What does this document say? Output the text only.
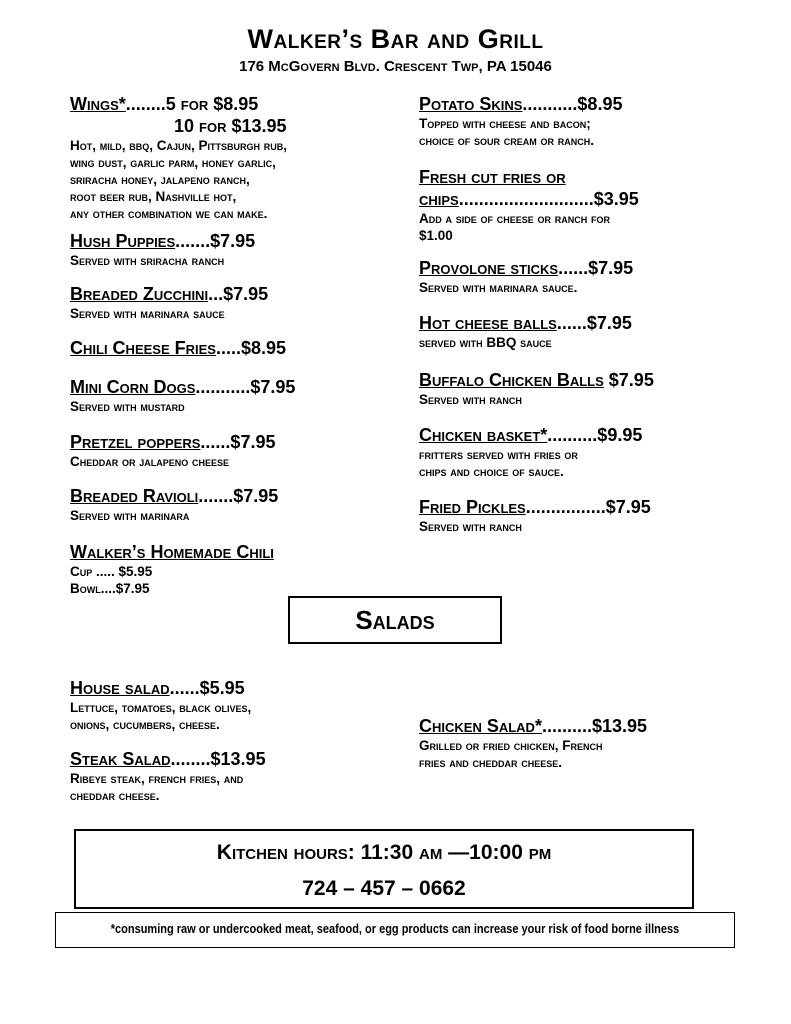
Walker’s Bar and Grill
176 McGovern Blvd. Crescent Twp, PA 15046
Wings*........5 for $8.95
10 for $13.95
Hot, mild, bbq, Cajun, Pittsburgh rub,
wing dust, garlic parm, honey garlic,
sriracha honey, jalapeno ranch,
root beer rub, Nashville hot,
any other combination we can make.
Hush Puppies.......$7.95
Served with sriracha ranch
Breaded Zucchini...$7.95
Served with marinara sauce
Chili Cheese Fries.....$8.95
Mini Corn Dogs...........$7.95
Served with mustard
Pretzel poppers......$7.95
Cheddar or jalapeno cheese
Breaded Ravioli.......$7.95
Served with marinara
Walker’s Homemade Chili
Cup ..... $5.95
Bowl....$7.95
Potato Skins...........$8.95
Topped with cheese and bacon;
choice of sour cream or ranch.
Fresh cut fries or
chips...........................$3.95
Add a side of cheese or ranch for
$1.00
Provolone sticks......$7.95
Served with marinara sauce.
Hot cheese balls......$7.95
served with BBQ sauce
Buffalo Chicken Balls $7.95
Served with ranch
Chicken basket*..........$9.95
fritters served with fries or
chips and choice of sauce.
Fried Pickles................$7.95
Served with ranch
Salads
House salad......$5.95
Lettuce, tomatoes, black olives,
onions, cucumbers, cheese.
Steak Salad........$13.95
Ribeye steak, french fries, and
cheddar cheese.
Chicken Salad*..........$13.95
Grilled or fried chicken, French
fries and cheddar cheese.
Kitchen hours: 11:30 am —10:00 pm
724 – 457 – 0662
*consuming raw or undercooked meat, seafood, or egg products can increase your risk of food borne illness
